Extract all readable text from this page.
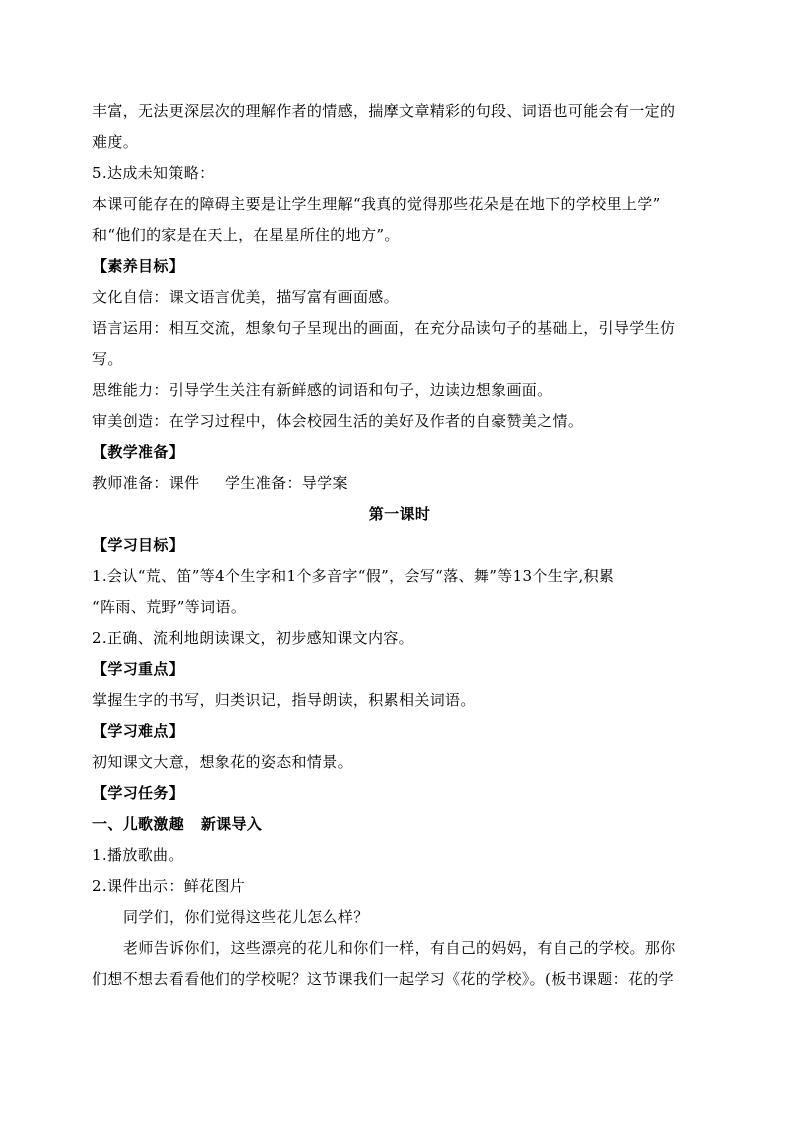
丰富，无法更深层次的理解作者的情感，揣摩文章精彩的句段、词语也可能会有一定的
难度。
5.达成未知策略：
本课可能存在的障碍主要是让学生理解“我真的觉得那些花朵是在地下的学校里上学”
和“他们的家是在天上，在星星所住的地方”。
【素养目标】
文化自信：课文语言优美，描写富有画面感。
语言运用：相互交流，想象句子呈现出的画面，在充分品读句子的基础上，引导学生仿
写。
思维能力：引导学生关注有新鲜感的词语和句子，边读边想象画面。
审美创造：在学习过程中，体会校园生活的美好及作者的自豪赞美之情。
【教学准备】
教师准备：课件     学生准备：导学案
第一课时
【学习目标】
1.会认“荒、笛”等4个生字和1个多音字“假”，会写“落、舞”等13个生字,积累
“阵雨、荒野”等词语。
2.正确、流利地朗读课文，初步感知课文内容。
【学习重点】
掌握生字的书写，归类识记，指导朗读，积累相关词语。
【学习难点】
初知课文大意，想象花的姿态和情景。
【学习任务】
一、儿歌激趣   新课导入
1.播放歌曲。
2.课件出示：鲜花图片
同学们，你们觉得这些花儿怎么样？
老师告诉你们，这些漂亮的花儿和你们一样，有自己的妈妈，有自己的学校。那你
们想不想去看看他们的学校呢？这节课我们一起学习《花的学校》。(板书课题：花的学
